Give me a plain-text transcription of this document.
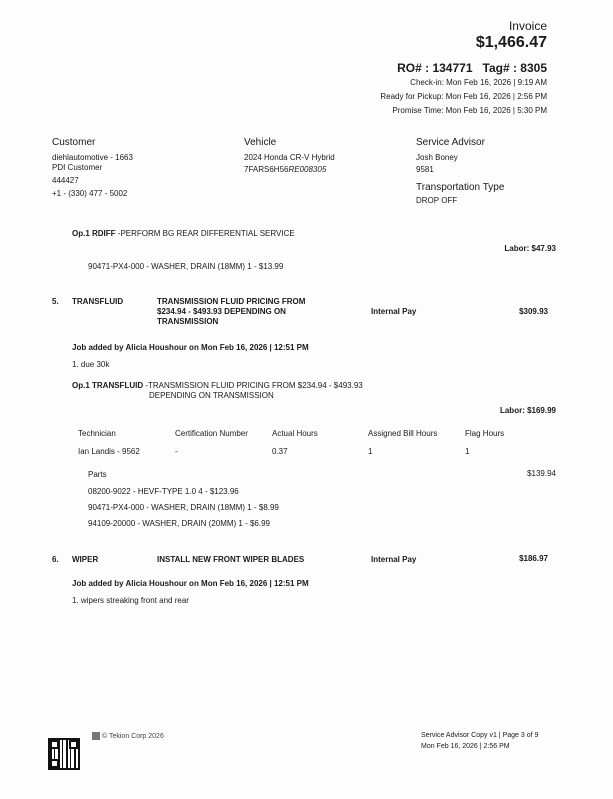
Invoice
$1,466.47
RO# : 134771 Tag# : 8305
Check-in: Mon Feb 16, 2026 | 9:19 AM
Ready for Pickup: Mon Feb 16, 2026 | 2:56 PM
Promise Time: Mon Feb 16, 2026 | 5:30 PM
Customer
diehlautomotive - 1663
PDI Customer
444427
+1 - (330) 477 - 5002
Vehicle
2024 Honda CR-V Hybrid
7FARS6H56RE008305
Service Advisor
Josh Boney
9581
Transportation Type
DROP OFF
Op.1 RDIFF -PERFORM BG REAR DIFFERENTIAL SERVICE
Labor: $47.93
90471-PX4-000 - WASHER, DRAIN (18MM) 1 - $13.99
5. TRANSFLUID	TRANSMISSION FLUID PRICING FROM
$234.94 - $493.93 DEPENDING ON
TRANSMISSION
Internal Pay	$309.93
Job added by Alicia Houshour on Mon Feb 16, 2026 | 12:51 PM
1. due 30k
Op.1 TRANSFLUID -TRANSMISSION FLUID PRICING FROM $234.94 - $493.93
DEPENDING ON TRANSMISSION
Labor: $169.99
Technician	Certification Number	Actual Hours	Assigned Bill Hours	Flag Hours
Ian Landis - 9562	-	0.37	1	1
Parts	$139.94
08200-9022 - HEVF-TYPE 1.0 4 - $123.96
90471-PX4-000 - WASHER, DRAIN (18MM) 1 - $8.99
94109-20000 - WASHER, DRAIN (20MM) 1 - $6.99
6. WIPER	INSTALL NEW FRONT WIPER BLADES	Internal Pay	$186.97
Job added by Alicia Houshour on Mon Feb 16, 2026 | 12:51 PM
1. wipers streaking front and rear
© Tekion Corp 2026	Service Advisor Copy v1 | Page 3 of 9
Mon Feb 16, 2026 | 2:56 PM
